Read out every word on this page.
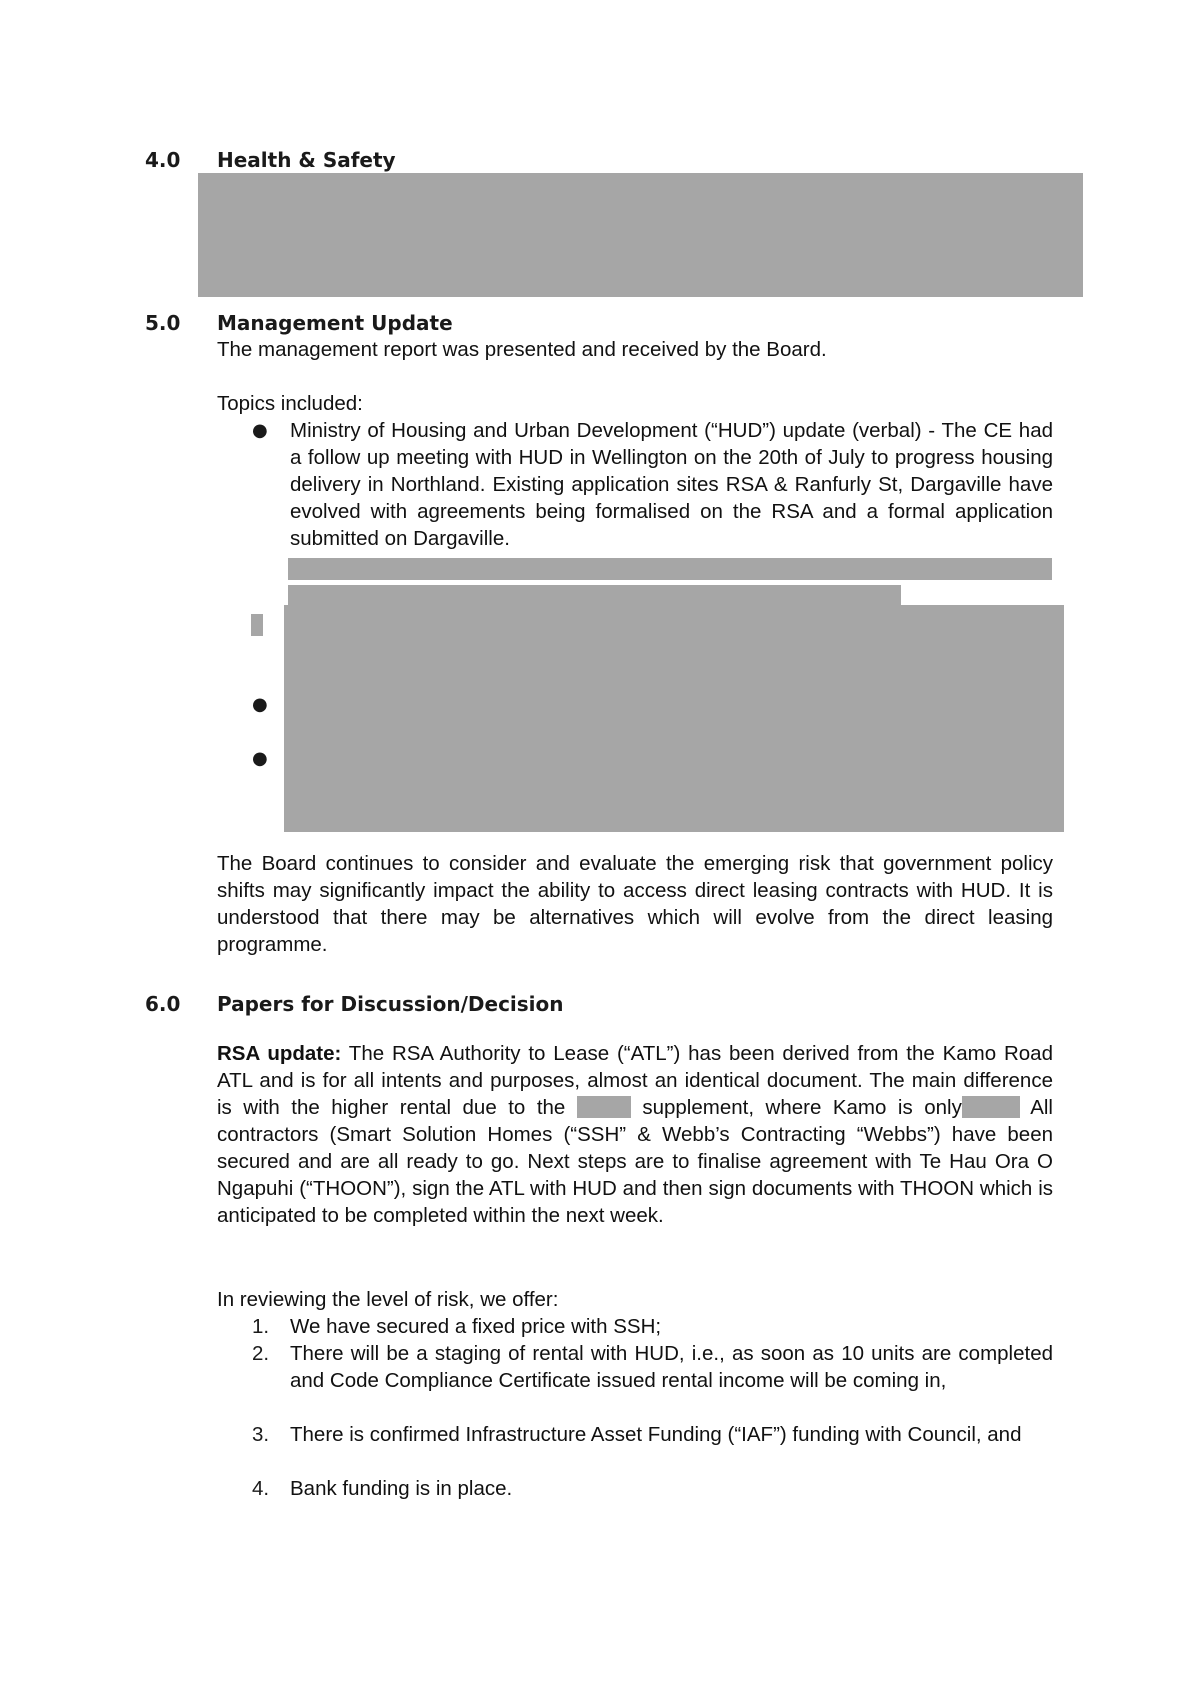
4.0 Health & Safety
5.0 Management Update
The management report was presented and received by the Board.
Topics included:
● Ministry of Housing and Urban Development (“HUD”) update (verbal) - The CE had a follow up meeting with HUD in Wellington on the 20th of July to progress housing delivery in Northland. Existing application sites RSA & Ranfurly St, Dargaville have evolved with agreements being formalised on the RSA and a formal application submitted on Dargaville.
●
●
The Board continues to consider and evaluate the emerging risk that government policy shifts may significantly impact the ability to access direct leasing contracts with HUD. It is understood that there may be alternatives which will evolve from the direct leasing programme.
6.0 Papers for Discussion/Decision
RSA update: The RSA Authority to Lease (“ATL”) has been derived from the Kamo Road ATL and is for all intents and purposes, almost an identical document. The main difference is with the higher rental due to the	supplement, where Kamo is only	All contractors (Smart Solution Homes (“SSH” & Webb’s Contracting “Webbs”) have been secured and are all ready to go. Next steps are to finalise agreement with Te Hau Ora O Ngapuhi (“THOON”), sign the ATL with HUD and then sign documents with THOON which is anticipated to be completed within the next week.
In reviewing the level of risk, we offer:
1. We have secured a fixed price with SSH;
2. There will be a staging of rental with HUD, i.e., as soon as 10 units are completed and Code Compliance Certificate issued rental income will be coming in,
3. There is confirmed Infrastructure Asset Funding (“IAF”) funding with Council, and
4. Bank funding is in place.
